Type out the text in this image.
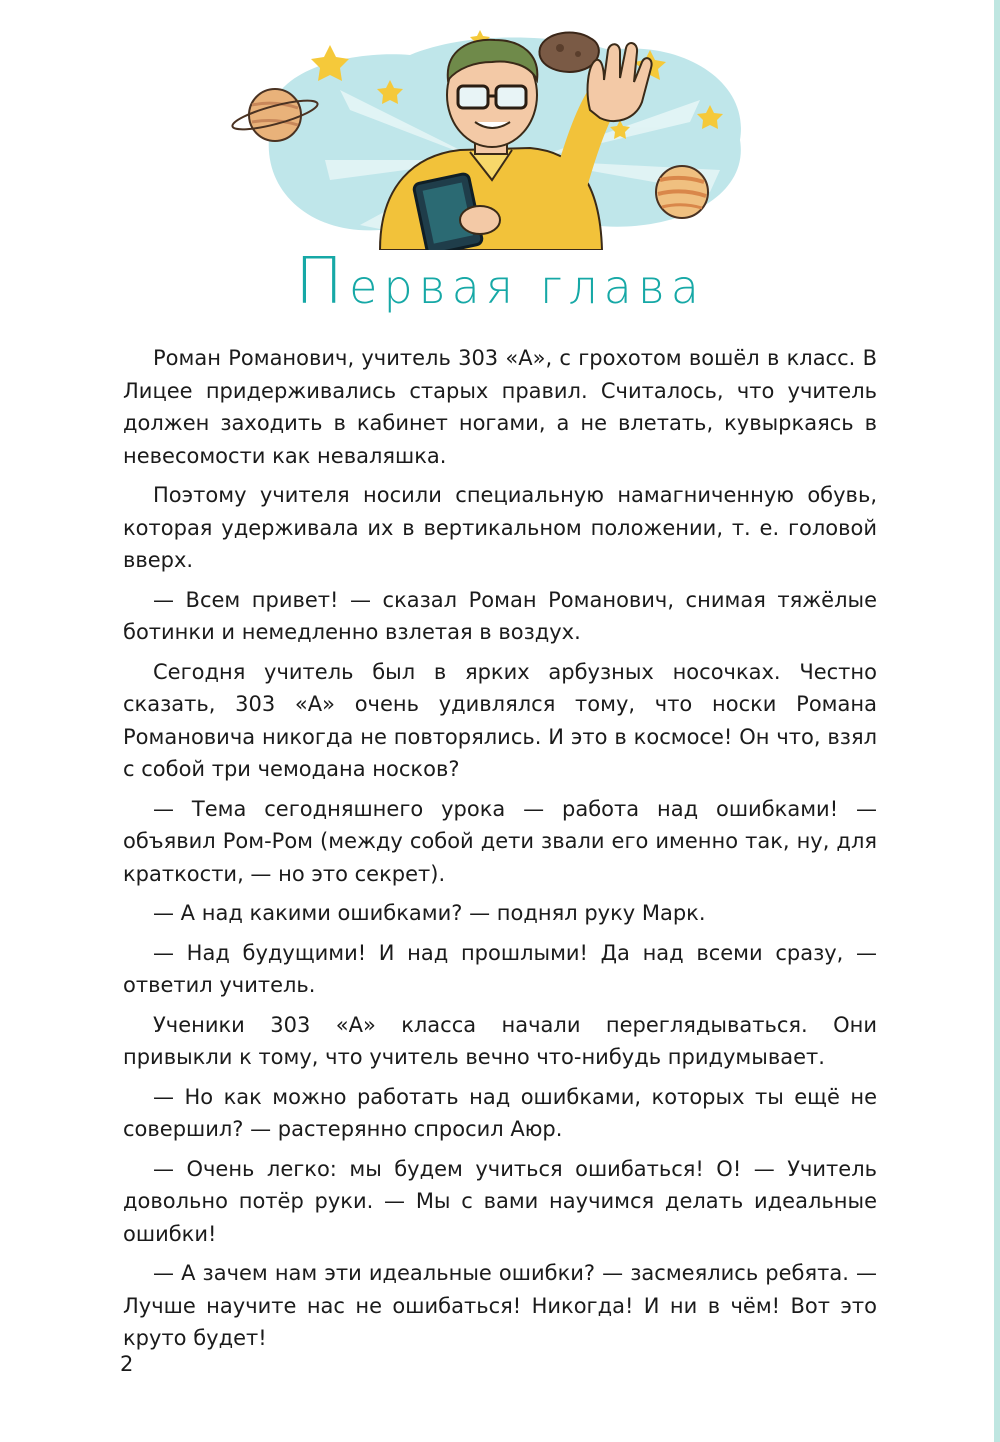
Первая глава

Роман Романович, учитель 303 «А», с грохотом вошёл в класс. В Лицее придерживались старых правил. Считалось, что учитель должен заходить в кабинет ногами, а не влетать, кувыркаясь в невесомости как неваляшка.

Поэтому учителя носили специальную намагниченную обувь, которая удерживала их в вертикальном положении, т. е. головой вверх.

— Всем привет! — сказал Роман Романович, снимая тяжёлые ботинки и немедленно взлетая в воздух.

Сегодня учитель был в ярких арбузных носочках. Честно сказать, 303 «А» очень удивлялся тому, что носки Романа Романовича никогда не повторялись. И это в космосе! Он что, взял с собой три чемодана носков?

— Тема сегодняшнего урока — работа над ошибками! — объявил Ром-Ром (между собой дети звали его именно так, ну, для краткости, — но это секрет).

— А над какими ошибками? — поднял руку Марк.

— Над будущими! И над прошлыми! Да над всеми сразу, — ответил учитель.

Ученики 303 «А» класса начали переглядываться. Они привыкли к тому, что учитель вечно что-нибудь придумывает.

— Но как можно работать над ошибками, которых ты ещё не совершил? — растерянно спросил Аюр.

— Очень легко: мы будем учиться ошибаться! О! — Учитель довольно потёр руки. — Мы с вами научимся делать идеальные ошибки!

— А зачем нам эти идеальные ошибки? — засмеялись ребята. — Лучше научите нас не ошибаться! Никогда! И ни в чём! Вот это круто будет!

2
